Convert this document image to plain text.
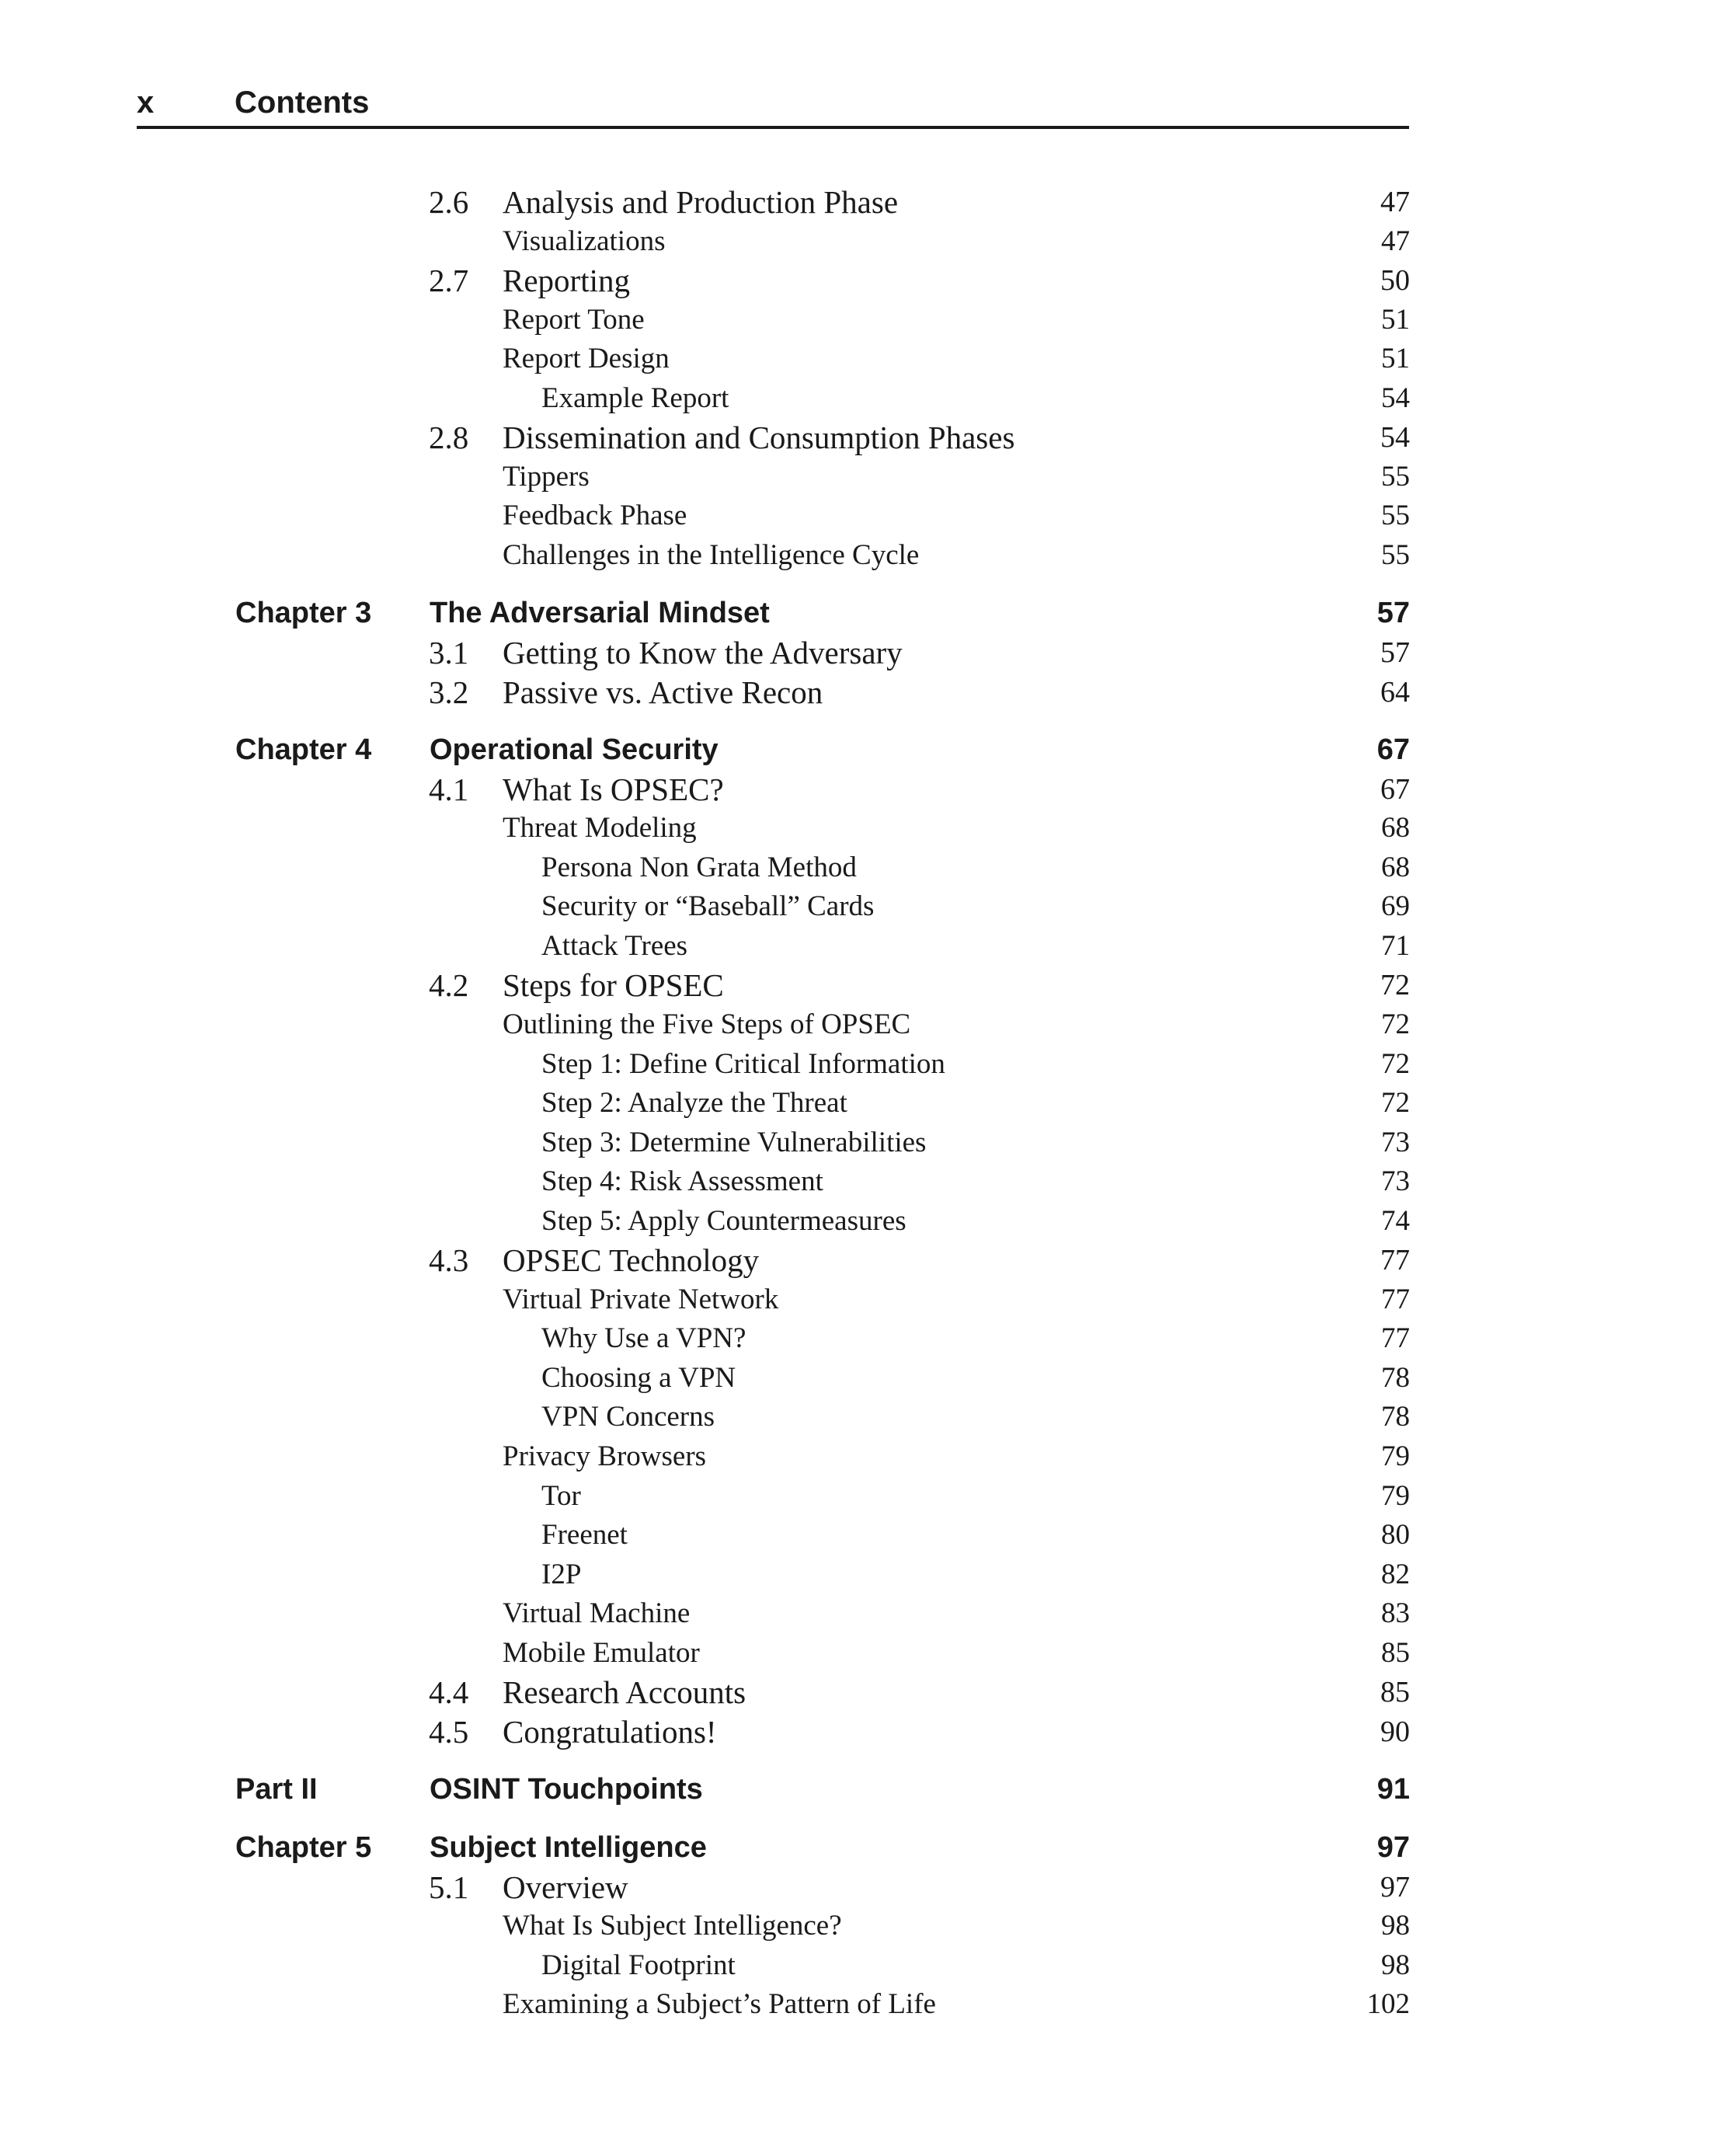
x	Contents
2.6 Analysis and Production Phase	47
Visualizations	47
2.7 Reporting	50
Report Tone	51
Report Design	51
Example Report	54
2.8 Dissemination and Consumption Phases	54
Tippers	55
Feedback Phase	55
Challenges in the Intelligence Cycle	55
Chapter 3 The Adversarial Mindset	57
3.1 Getting to Know the Adversary	57
3.2 Passive vs. Active Recon	64
Chapter 4 Operational Security	67
4.1 What Is OPSEC?	67
Threat Modeling	68
Persona Non Grata Method	68
Security or “Baseball” Cards	69
Attack Trees	71
4.2 Steps for OPSEC	72
Outlining the Five Steps of OPSEC	72
Step 1: Define Critical Information	72
Step 2: Analyze the Threat	72
Step 3: Determine Vulnerabilities	73
Step 4: Risk Assessment	73
Step 5: Apply Countermeasures	74
4.3 OPSEC Technology	77
Virtual Private Network	77
Why Use a VPN?	77
Choosing a VPN	78
VPN Concerns	78
Privacy Browsers	79
Tor	79
Freenet	80
I2P	82
Virtual Machine	83
Mobile Emulator	85
4.4 Research Accounts	85
4.5 Congratulations!	90
Part II	OSINT Touchpoints	91
Chapter 5 Subject Intelligence	97
5.1 Overview	97
What Is Subject Intelligence?	98
Digital Footprint	98
Examining a Subject’s Pattern of Life	102
